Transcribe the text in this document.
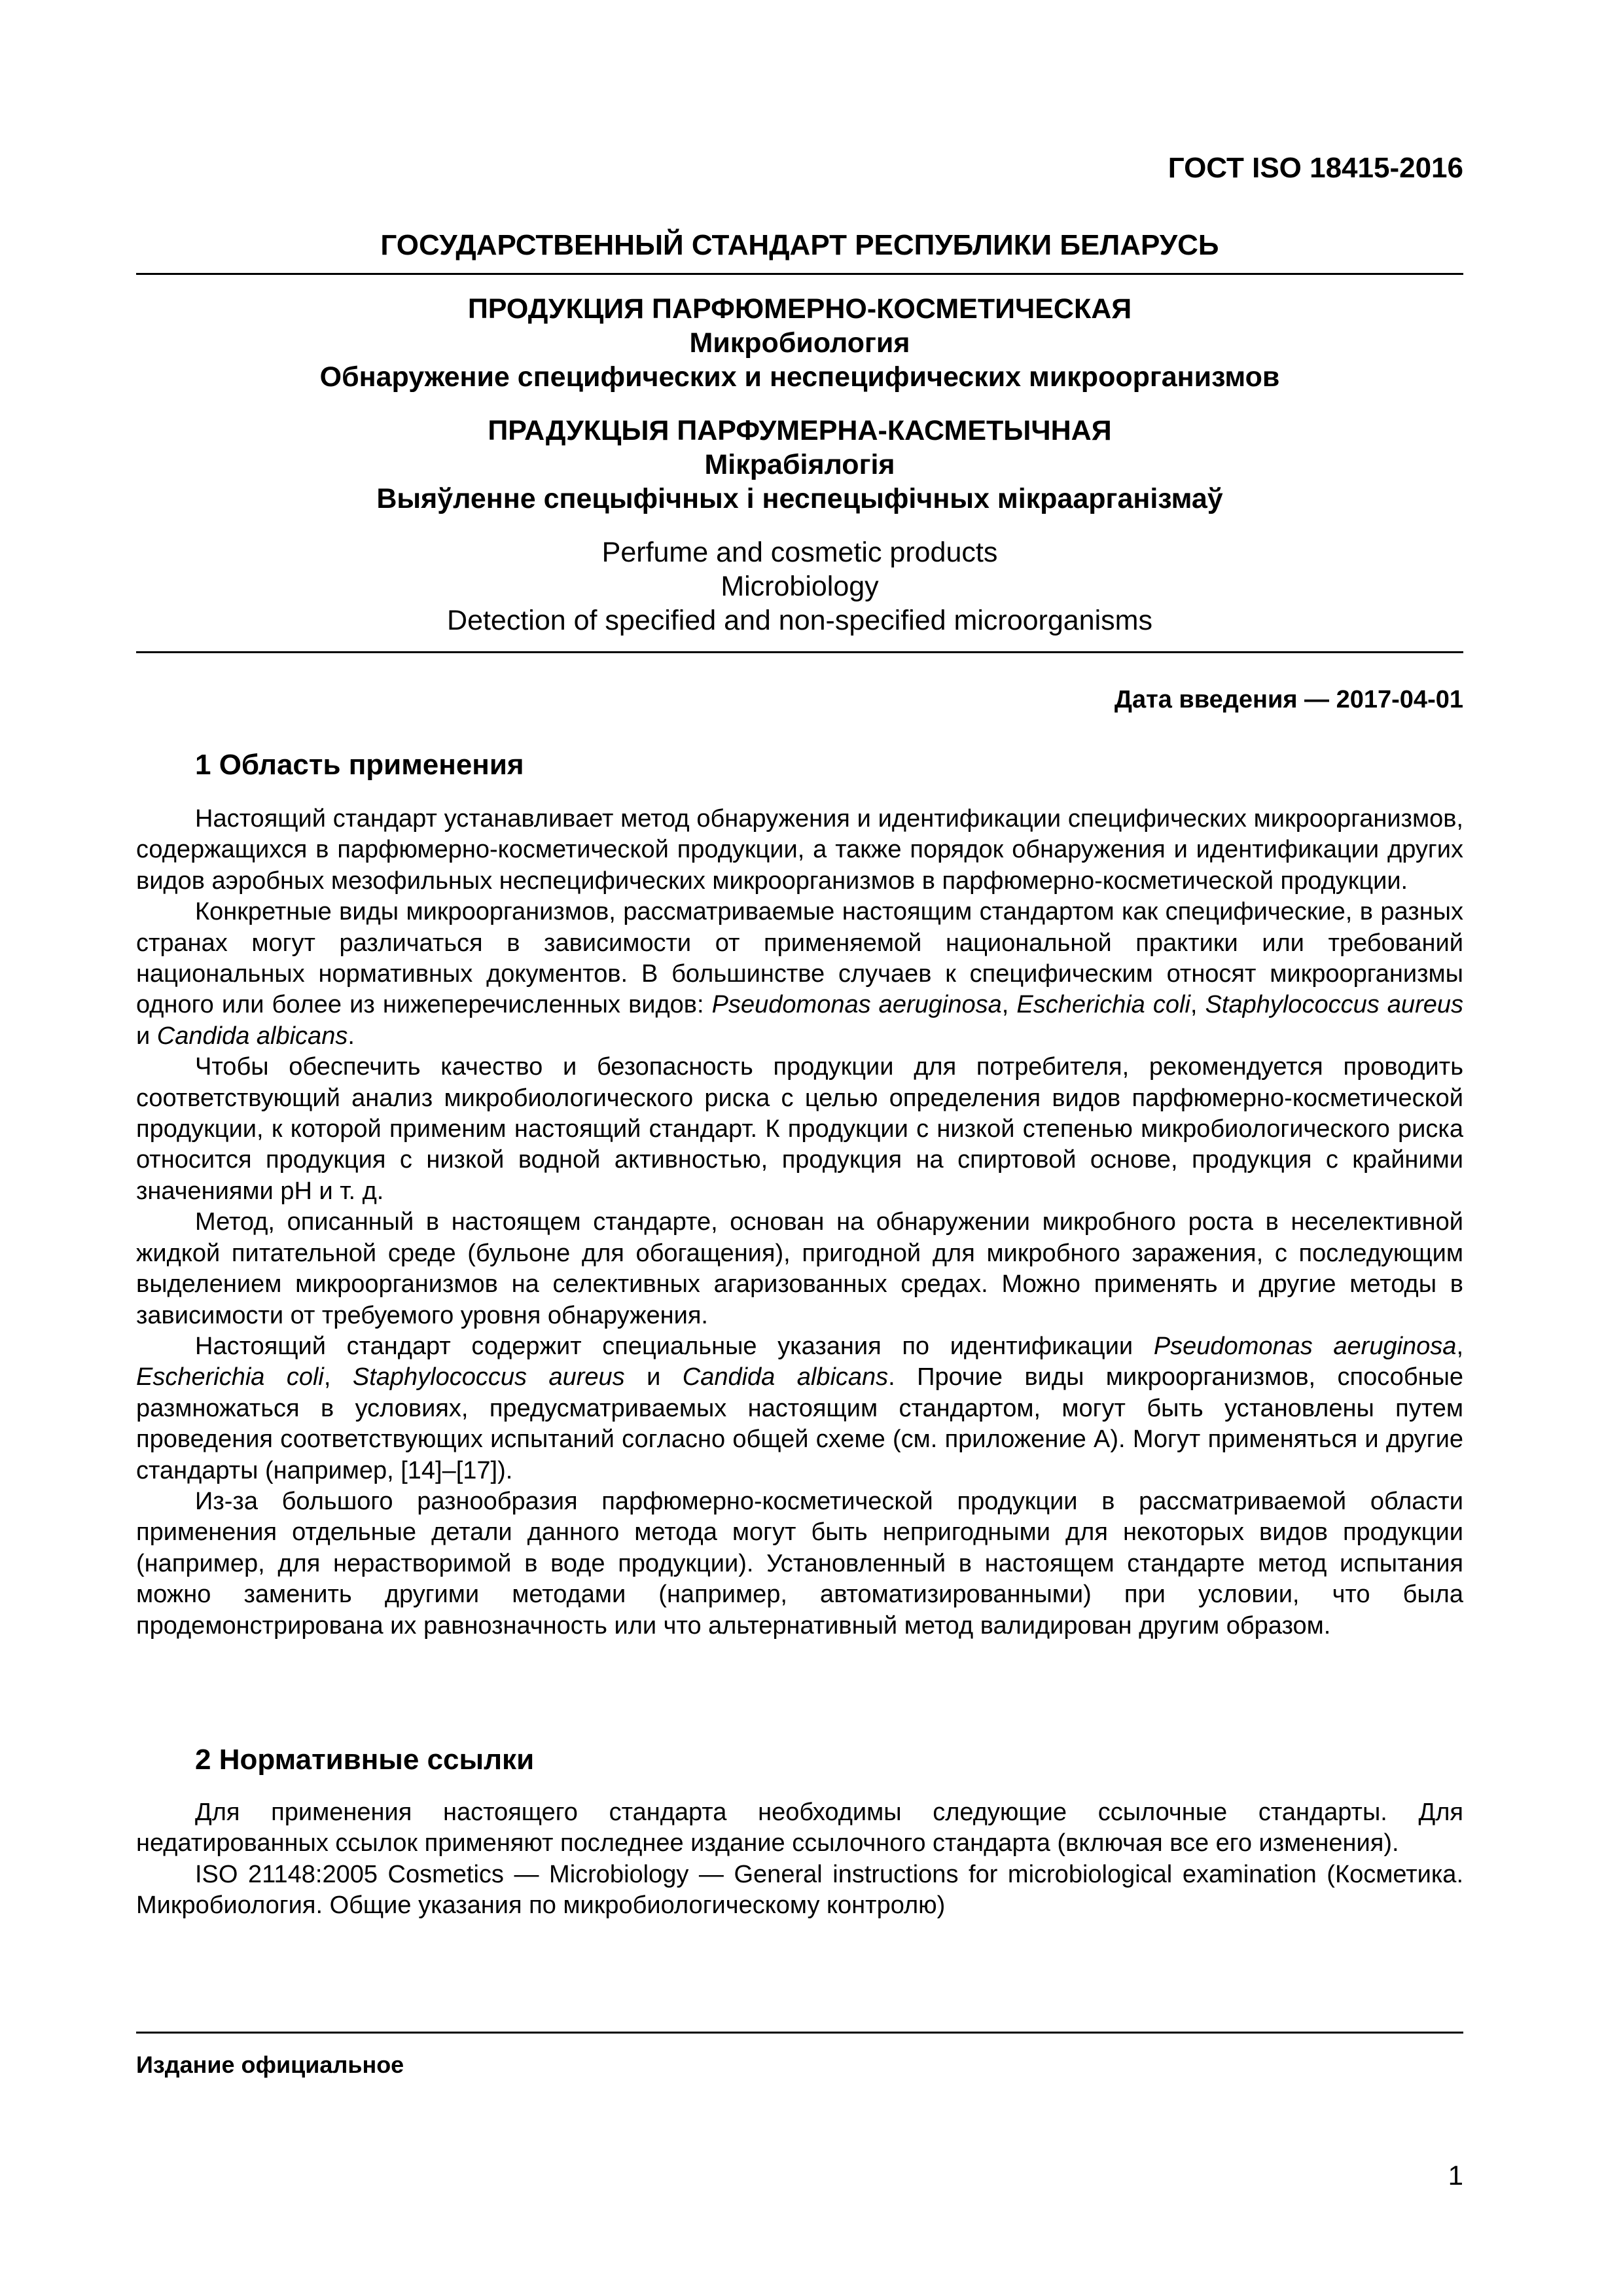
ГОСТ ISO 18415-2016
ГОСУДАРСТВЕННЫЙ СТАНДАРТ РЕСПУБЛИКИ БЕЛАРУСЬ
ПРОДУКЦИЯ ПАРФЮМЕРНО-КОСМЕТИЧЕСКАЯ
Микробиология
Обнаружение специфических и неспецифических микроорганизмов
ПРАДУКЦЫЯ ПАРФУМЕРНА-КАСМЕТЫЧНАЯ
Мікрабіялогія
Выяўленне спецыфічных і неспецыфічных мікраарганізмаў
Perfume and cosmetic products
Microbiology
Detection of specified and non-specified microorganisms
Дата введения — 2017-04-01
1 Область применения

Настоящий стандарт устанавливает метод обнаружения и идентификации специфических микроорганизмов, содержащихся в парфюмерно-косметической продукции, а также порядок обнаружения и идентификации других видов аэробных мезофильных неспецифических микроорганизмов в парфюмерно-косметической продукции.

Конкретные виды микроорганизмов, рассматриваемые настоящим стандартом как специфические, в разных странах могут различаться в зависимости от применяемой национальной практики или требований национальных нормативных документов. В большинстве случаев к специфическим относят микроорганизмы одного или более из нижеперечисленных видов: Pseudomonas aeruginosa, Escherichia coli, Staphylococcus aureus и Candida albicans.

Чтобы обеспечить качество и безопасность продукции для потребителя, рекомендуется проводить соответствующий анализ микробиологического риска с целью определения видов парфюмерно-косметической продукции, к которой применим настоящий стандарт. К продукции с низкой степенью микробиологического риска относится продукция с низкой водной активностью, продукция на спиртовой основе, продукция с крайними значениями рН и т. д.

Метод, описанный в настоящем стандарте, основан на обнаружении микробного роста в неселективной жидкой питательной среде (бульоне для обогащения), пригодной для микробного заражения, с последующим выделением микроорганизмов на селективных агаризованных средах. Можно применять и другие методы в зависимости от требуемого уровня обнаружения.

Настоящий стандарт содержит специальные указания по идентификации Pseudomonas aeruginosa, Escherichia coli, Staphylococcus aureus и Candida albicans. Прочие виды микроорганизмов, способные размножаться в условиях, предусматриваемых настоящим стандартом, могут быть установлены путем проведения соответствующих испытаний согласно общей схеме (см. приложение А). Могут применяться и другие стандарты (например, [14]–[17]).

Из-за большого разнообразия парфюмерно-косметической продукции в рассматриваемой области применения отдельные детали данного метода могут быть непригодными для некоторых видов продукции (например, для нерастворимой в воде продукции). Установленный в настоящем стандарте метод испытания можно заменить другими методами (например, автоматизированными) при условии, что была продемонстрирована их равнозначность или что альтернативный метод валидирован другим образом.

2 Нормативные ссылки

Для применения настоящего стандарта необходимы следующие ссылочные стандарты. Для недатированных ссылок применяют последнее издание ссылочного стандарта (включая все его изменения).

ISO 21148:2005 Cosmetics — Microbiology — General instructions for microbiological examination (Косметика. Микробиология. Общие указания по микробиологическому контролю)

Издание официальное
1
